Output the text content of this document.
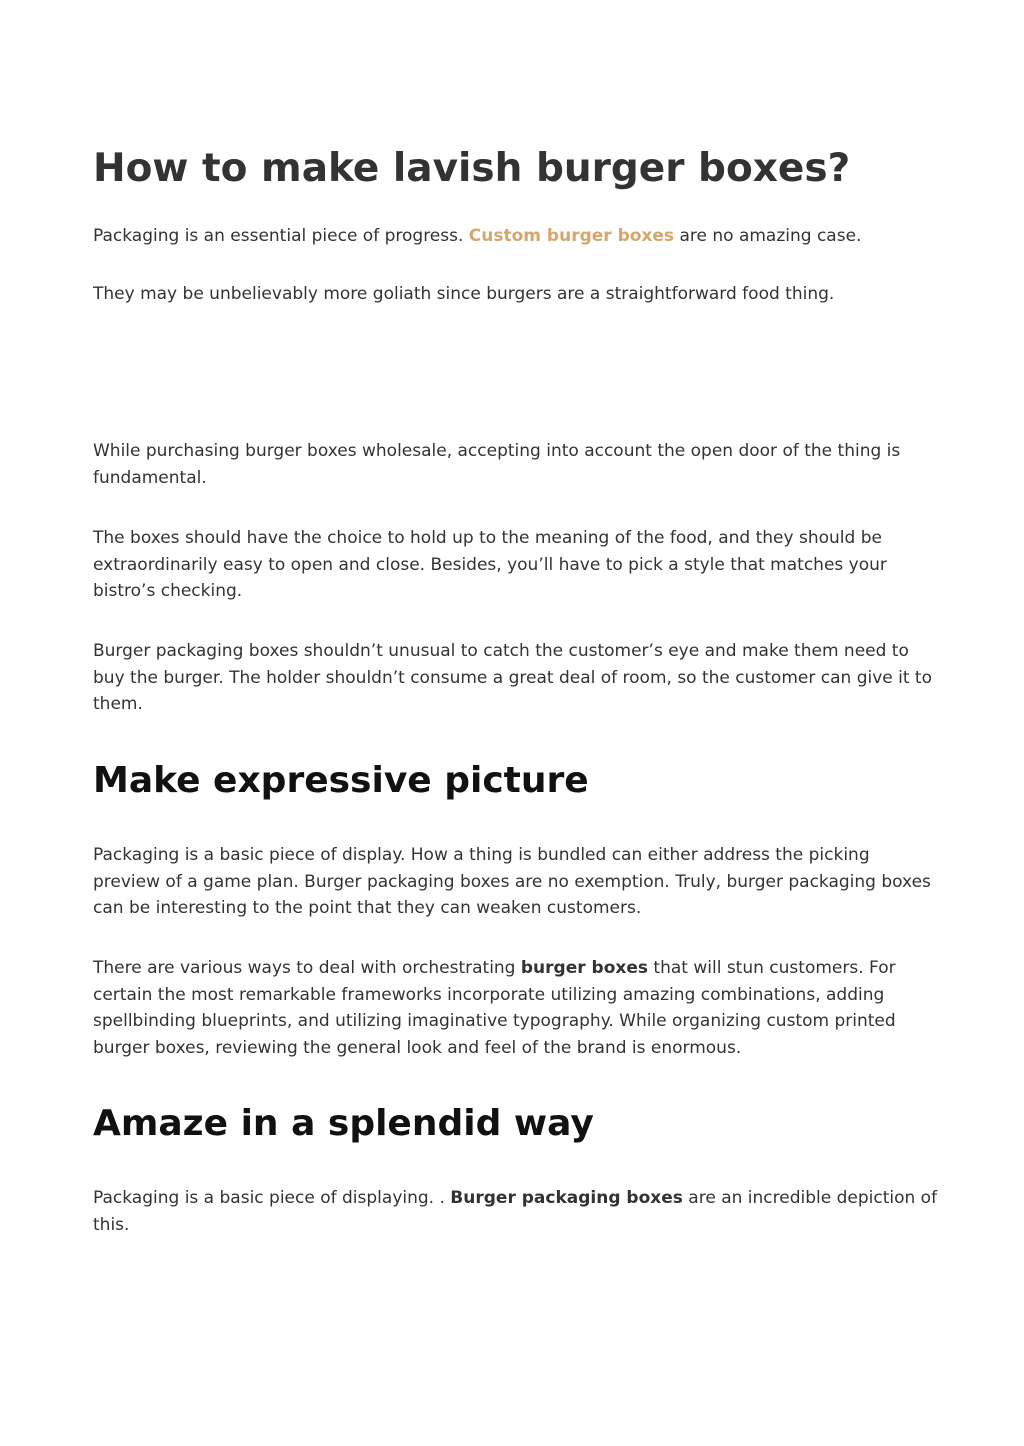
How to make lavish burger boxes?

Packaging is an essential piece of progress. Custom burger boxes are no amazing case.

They may be unbelievably more goliath since burgers are a straightforward food thing.

While purchasing burger boxes wholesale, accepting into account the open door of the thing is fundamental.

The boxes should have the choice to hold up to the meaning of the food, and they should be extraordinarily easy to open and close. Besides, you’ll have to pick a style that matches your bistro’s checking.

Burger packaging boxes shouldn’t unusual to catch the customer’s eye and make them need to buy the burger. The holder shouldn’t consume a great deal of room, so the customer can give it to them.

Make expressive picture

Packaging is a basic piece of display. How a thing is bundled can either address the picking preview of a game plan. Burger packaging boxes are no exemption. Truly, burger packaging boxes can be interesting to the point that they can weaken customers.

There are various ways to deal with orchestrating burger boxes that will stun customers. For certain the most remarkable frameworks incorporate utilizing amazing combinations, adding spellbinding blueprints, and utilizing imaginative typography. While organizing custom printed burger boxes, reviewing the general look and feel of the brand is enormous.

Amaze in a splendid way

Packaging is a basic piece of displaying. . Burger packaging boxes are an incredible depiction of this.
